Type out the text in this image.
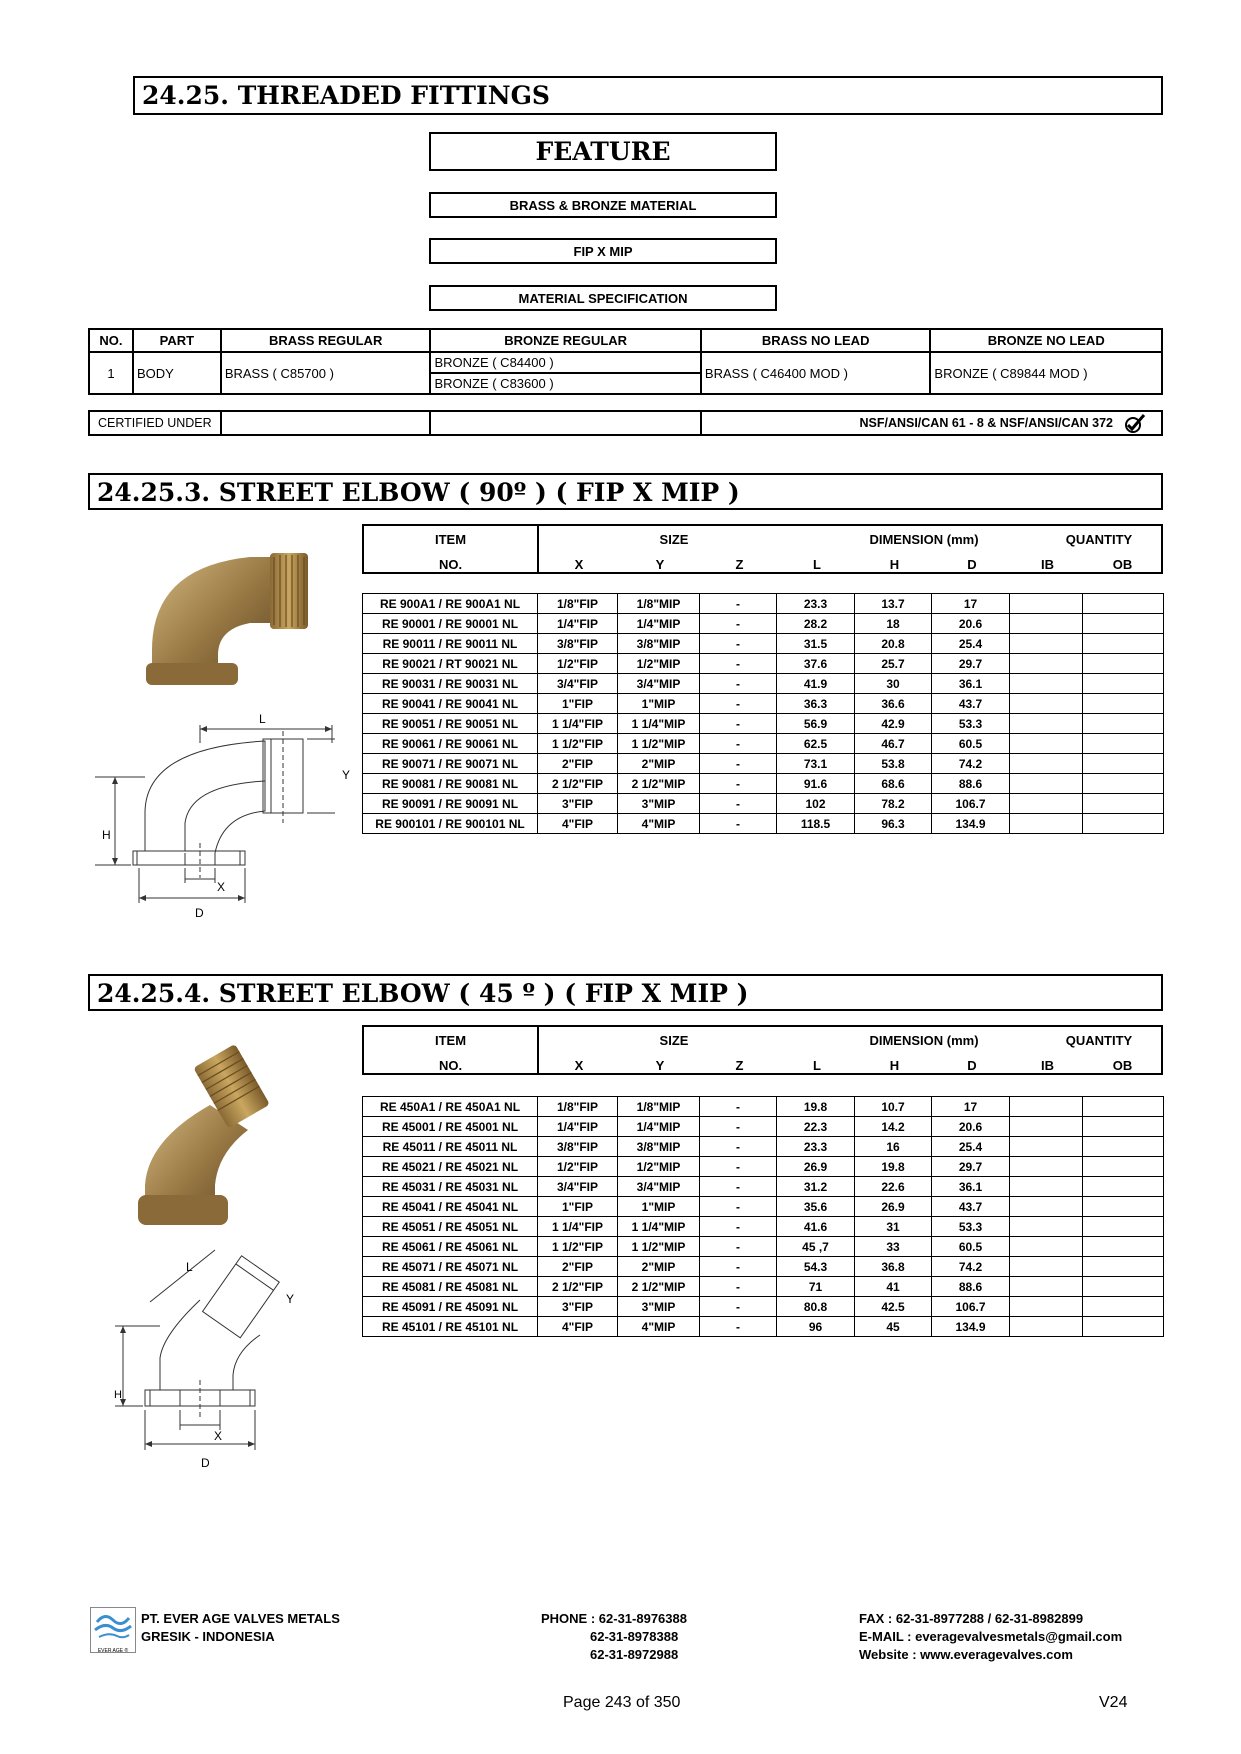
24.25. THREADED FITTINGS
FEATURE
BRASS & BRONZE MATERIAL
FIP X MIP
MATERIAL SPECIFICATION
NO.	PART	BRASS REGULAR	BRONZE REGULAR	BRASS NO LEAD	BRONZE NO LEAD
1	BODY	BRASS ( C85700 )	BRONZE ( C84400 )	BRASS ( C46400 MOD )	BRONZE ( C89844 MOD )
			BRONZE ( C83600 )		
CERTIFIED UNDER			NSF/ANSI/CAN 61 - 8 & NSF/ANSI/CAN 372
24.25.3. STREET ELBOW ( 90º ) ( FIP X MIP )
L
Y
H
X
D
ITEM
NO.
SIZE	DIMENSION (mm)	QUANTITY
X	Y	Z	L	H	D	IB	OB
RE 900A1 / RE 900A1 NL	1/8"FIP	1/8"MIP	-	23.3	13.7	17		
RE 90001 / RE 90001 NL	1/4"FIP	1/4"MIP	-	28.2	18	20.6		
RE 90011 / RE 90011 NL	3/8"FIP	3/8"MIP	-	31.5	20.8	25.4		
RE 90021 / RT 90021 NL	1/2"FIP	1/2"MIP	-	37.6	25.7	29.7		
RE 90031 / RE 90031 NL	3/4"FIP	3/4"MIP	-	41.9	30	36.1		
RE 90041 / RE 90041 NL	1"FIP	1"MIP	-	36.3	36.6	43.7		
RE 90051 / RE 90051 NL	1 1/4"FIP	1 1/4"MIP	-	56.9	42.9	53.3		
RE 90061 / RE 90061 NL	1 1/2"FIP	1 1/2"MIP	-	62.5	46.7	60.5		
RE 90071 / RE 90071 NL	2"FIP	2"MIP	-	73.1	53.8	74.2		
RE 90081 / RE 90081 NL	2 1/2"FIP	2 1/2"MIP	-	91.6	68.6	88.6		
RE 90091 / RE 90091 NL	3"FIP	3"MIP	-	102	78.2	106.7		
RE 900101 / RE 900101 NL	4"FIP	4"MIP	-	118.5	96.3	134.9		
24.25.4. STREET ELBOW ( 45 º ) ( FIP X MIP )
L
Y
H
X
D
ITEM
NO.
SIZE	DIMENSION (mm)	QUANTITY
X	Y	Z	L	H	D	IB	OB
RE 450A1 / RE 450A1 NL	1/8"FIP	1/8"MIP	-	19.8	10.7	17		
RE 45001 / RE 45001 NL	1/4"FIP	1/4"MIP	-	22.3	14.2	20.6		
RE 45011 / RE 45011 NL	3/8"FIP	3/8"MIP	-	23.3	16	25.4		
RE 45021 / RE 45021 NL	1/2"FIP	1/2"MIP	-	26.9	19.8	29.7		
RE 45031 / RE 45031 NL	3/4"FIP	3/4"MIP	-	31.2	22.6	36.1		
RE 45041 / RE 45041 NL	1"FIP	1"MIP	-	35.6	26.9	43.7		
RE 45051 / RE 45051 NL	1 1/4"FIP	1 1/4"MIP	-	41.6	31	53.3		
RE 45061 / RE 45061 NL	1 1/2"FIP	1 1/2"MIP	-	45 ,7	33	60.5		
RE 45071 / RE 45071 NL	2"FIP	2"MIP	-	54.3	36.8	74.2		
RE 45081 / RE 45081 NL	2 1/2"FIP	2 1/2"MIP	-	71	41	88.6		
RE 45091 / RE 45091 NL	3"FIP	3"MIP	-	80.8	42.5	106.7		
RE 45101 / RE 45101 NL	4"FIP	4"MIP	-	96	45	134.9		
EVER AGE ®
PT. EVER AGE VALVES METALS
GRESIK - INDONESIA
PHONE : 62-31-8976388
62-31-8978388
62-31-8972988
FAX : 62-31-8977288 / 62-31-8982899
E-MAIL : everagevalvesmetals@gmail.com
Website : www.everagevalves.com
Page 243 of 350	V24
